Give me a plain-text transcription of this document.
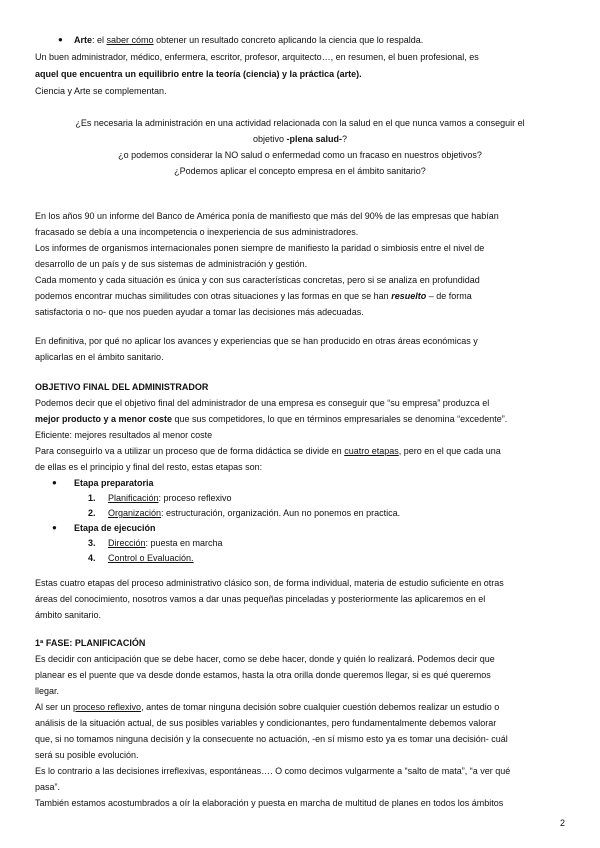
● Arte: el saber cómo obtener un resultado concreto aplicando la ciencia que lo respalda.
Un buen administrador, médico, enfermera, escritor, profesor, arquitecto…, en resumen, el buen profesional, es
aquel que encuentra un equilibrio entre la teoría (ciencia) y la práctica (arte).
Ciencia y Arte se complementan.
¿Es necesaria la administración en una actividad relacionada con la salud en el que nunca vamos a conseguir el
objetivo -plena salud-?
¿o podemos considerar la NO salud o enfermedad como un fracaso en nuestros objetivos?
¿Podemos aplicar el concepto empresa en el ámbito sanitario?
En los años 90 un informe del Banco de América ponía de manifiesto que más del 90% de las empresas que habían
fracasado se debía a una incompetencia o inexperiencia de sus administradores.
Los informes de organismos internacionales ponen siempre de manifiesto la paridad o simbiosis entre el nivel de
desarrollo de un país y de sus sistemas de administración y gestión.
Cada momento y cada situación es única y con sus características concretas, pero si se analiza en profundidad
podemos encontrar muchas similitudes con otras situaciones y las formas en que se han resuelto – de forma
satisfactoria o no- que nos pueden ayudar a tomar las decisiones más adecuadas.
En definitiva, por qué no aplicar los avances y experiencias que se han producido en otras áreas económicas y
aplicarlas en el ámbito sanitario.
OBJETIVO FINAL DEL ADMINISTRADOR
Podemos decir que el objetivo final del administrador de una empresa es conseguir que “su empresa” produzca el
mejor producto y a menor coste que sus competidores, lo que en términos empresariales se denomina “excedente”.
Eficiente: mejores resultados al menor coste
Para conseguirlo va a utilizar un proceso que de forma didáctica se divide en cuatro etapas, pero en el que cada una
de ellas es el principio y final del resto, estas etapas son:
● Etapa preparatoria
1. Planificación: proceso reflexivo
2. Organización: estructuración, organización. Aun no ponemos en practica.
● Etapa de ejecución
3. Dirección: puesta en marcha
4. Control o Evaluación.
Estas cuatro etapas del proceso administrativo clásico son, de forma individual, materia de estudio suficiente en otras
áreas del conocimiento, nosotros vamos a dar unas pequeñas pinceladas y posteriormente las aplicaremos en el
ámbito sanitario.
1ª FASE: PLANIFICACIÓN
Es decidir con anticipación que se debe hacer, como se debe hacer, donde y quién lo realizará. Podemos decir que
planear es el puente que va desde donde estamos, hasta la otra orilla donde queremos llegar, si es qué queremos
llegar.
Al ser un proceso reflexivo, antes de tomar ninguna decisión sobre cualquier cuestión debemos realizar un estudio o
análisis de la situación actual, de sus posibles variables y condicionantes, pero fundamentalmente debemos valorar
que, si no tomamos ninguna decisión y la consecuente no actuación, -en sí mismo esto ya es tomar una decisión- cuál
será su posible evolución.
Es lo contrario a las decisiones irreflexivas, espontáneas…. O como decimos vulgarmente a “salto de mata”, “a ver qué
pasa”.
También estamos acostumbrados a oír la elaboración y puesta en marcha de multitud de planes en todos los ámbitos
2
